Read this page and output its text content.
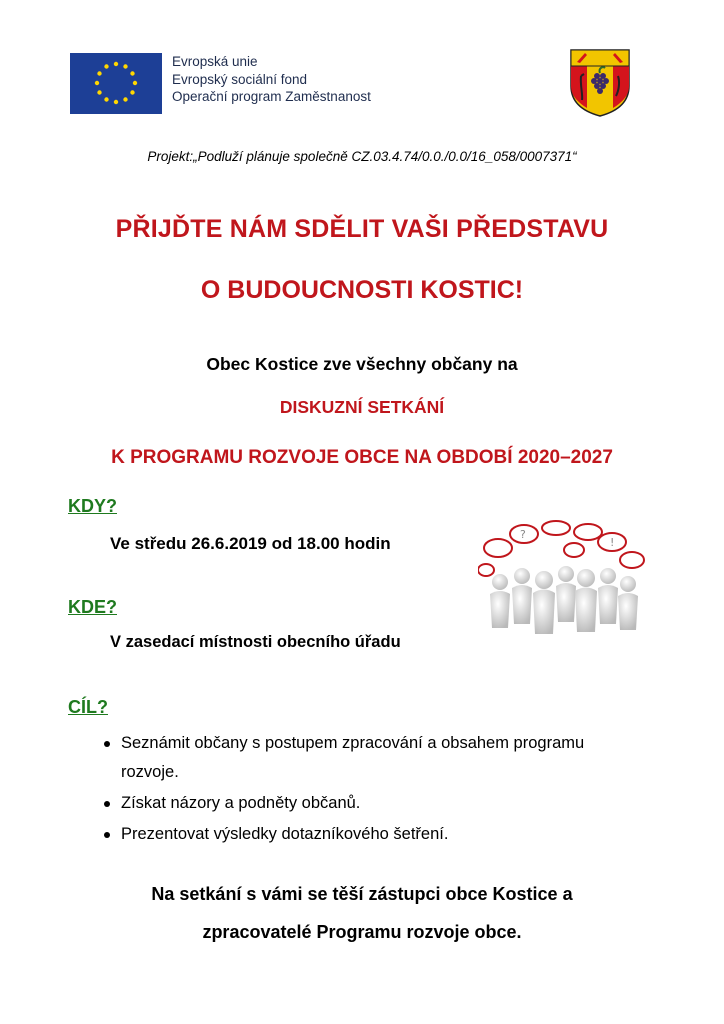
Evropská unie
Evropský sociální fond
Operační program Zaměstnanost
Projekt:„Podluží plánuje společně CZ.03.4.74/0.0./0.0/16_058/0007371“
PŘIJĎTE NÁM SDĚLIT VAŠI PŘEDSTAVU
O BUDOUCNOSTI KOSTIC!
Obec Kostice zve všechny občany na
DISKUZNÍ SETKÁNÍ
K PROGRAMU ROZVOJE OBCE NA OBDOBÍ 2020–2027
KDY?
Ve středu 26.6.2019 od 18.00 hodin	?
!
KDE?
V zasedací místnosti obecního úřadu
CÍL?
Seznámit občany s postupem zpracování a obsahem programu rozvoje.
Získat názory a podněty občanů.
Prezentovat výsledky dotazníkového šetření.
Na setkání s vámi se těší zástupci obce Kostice a
zpracovatelé Programu rozvoje obce.
